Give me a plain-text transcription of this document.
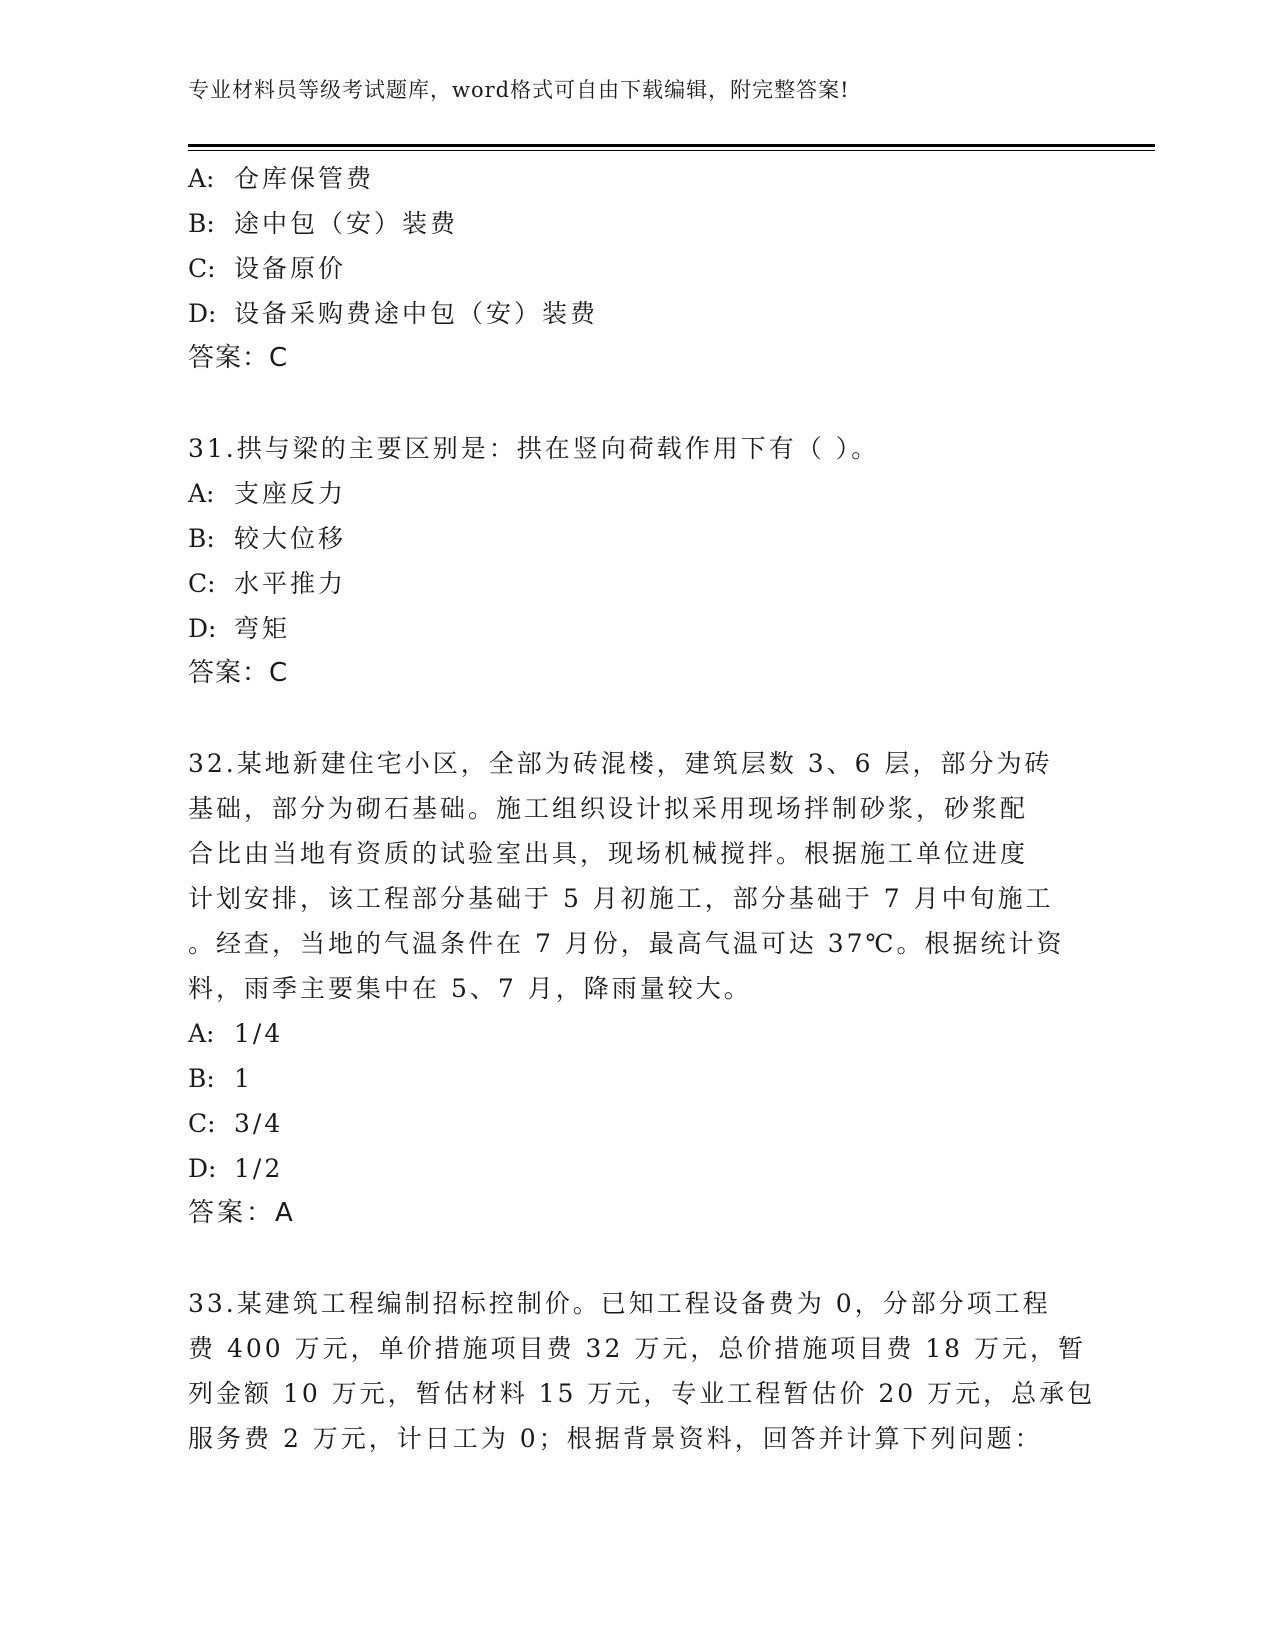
专业材料员等级考试题库，word格式可自由下载编辑，附完整答案!
A: 仓库保管费
B: 途中包（安）装费
C: 设备原价
D: 设备采购费途中包（安）装费
答案：C
31.拱与梁的主要区别是：拱在竖向荷载作用下有（ ）。
A: 支座反力
B: 较大位移
C: 水平推力
D: 弯矩
答案：C
32.某地新建住宅小区，全部为砖混楼，建筑层数 3、6 层，部分为砖
基础，部分为砌石基础。施工组织设计拟采用现场拌制砂浆，砂浆配
合比由当地有资质的试验室出具，现场机械搅拌。根据施工单位进度
计划安排，该工程部分基础于 5 月初施工，部分基础于 7 月中旬施工
。经查，当地的气温条件在 7 月份，最高气温可达 37℃。根据统计资
料，雨季主要集中在 5、7 月，降雨量较大。
A: 1/4
B: 1
C: 3/4
D: 1/2
答案：A
33.某建筑工程编制招标控制价。已知工程设备费为 0，分部分项工程
费 400 万元，单价措施项目费 32 万元，总价措施项目费 18 万元，暂
列金额 10 万元，暂估材料 15 万元，专业工程暂估价 20 万元，总承包
服务费 2 万元，计日工为 0；根据背景资料，回答并计算下列问题：
